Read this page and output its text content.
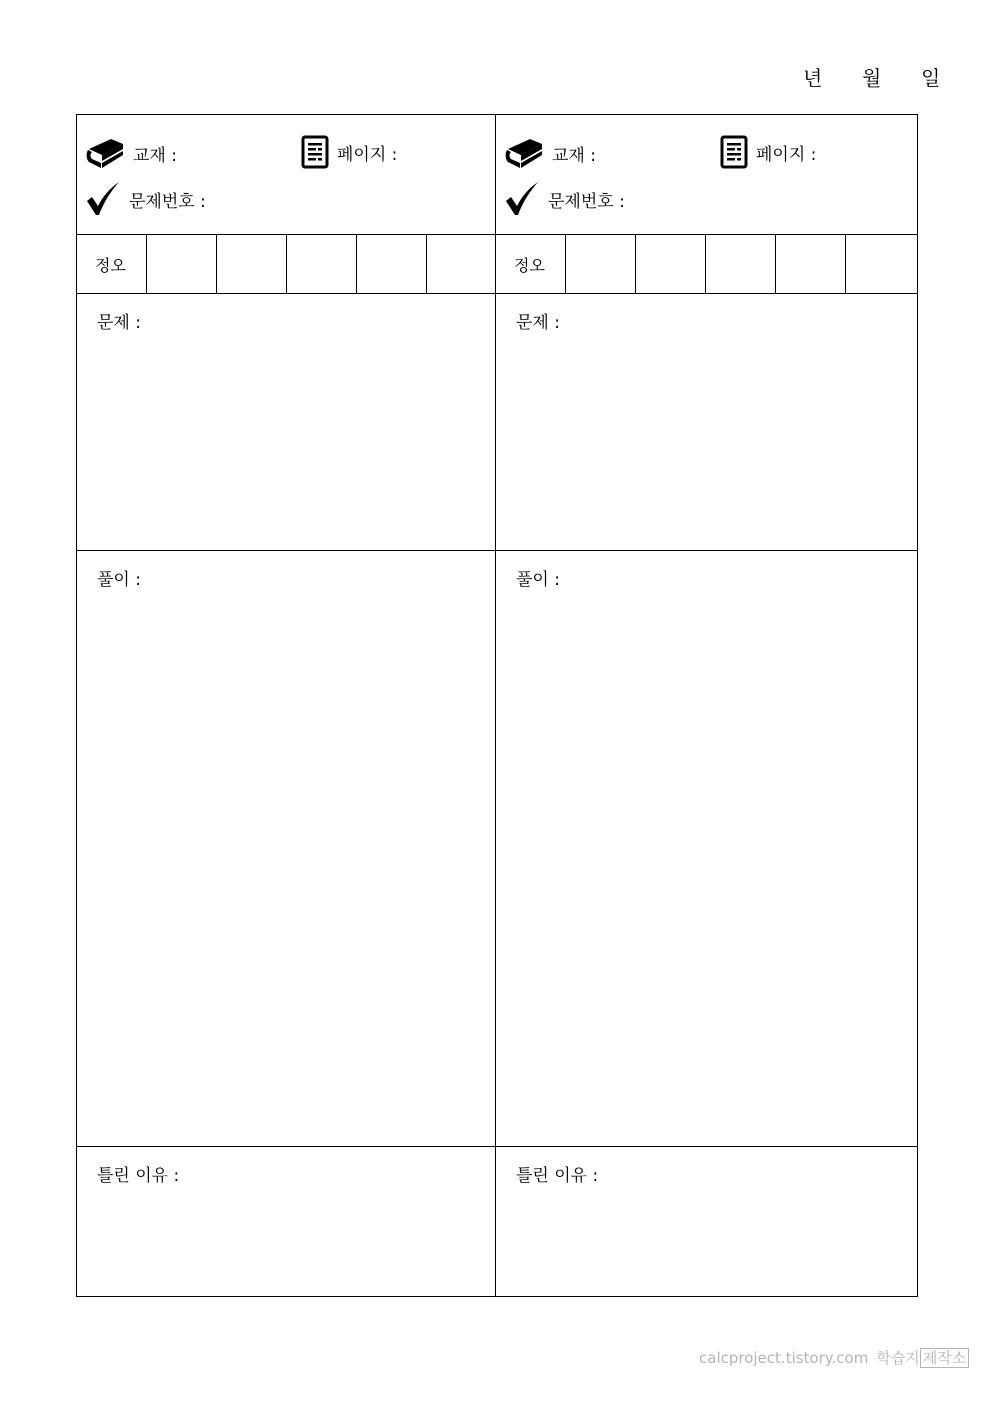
년 월 일
교재 :	페이지 :
문제번호 :
정오
문제 :
풀이 :
틀린 이유 :
교재 :	페이지 :
문제번호 :
정오
문제 :
풀이 :
틀린 이유 :
calcproject.tistory.com 학습지 제작소
